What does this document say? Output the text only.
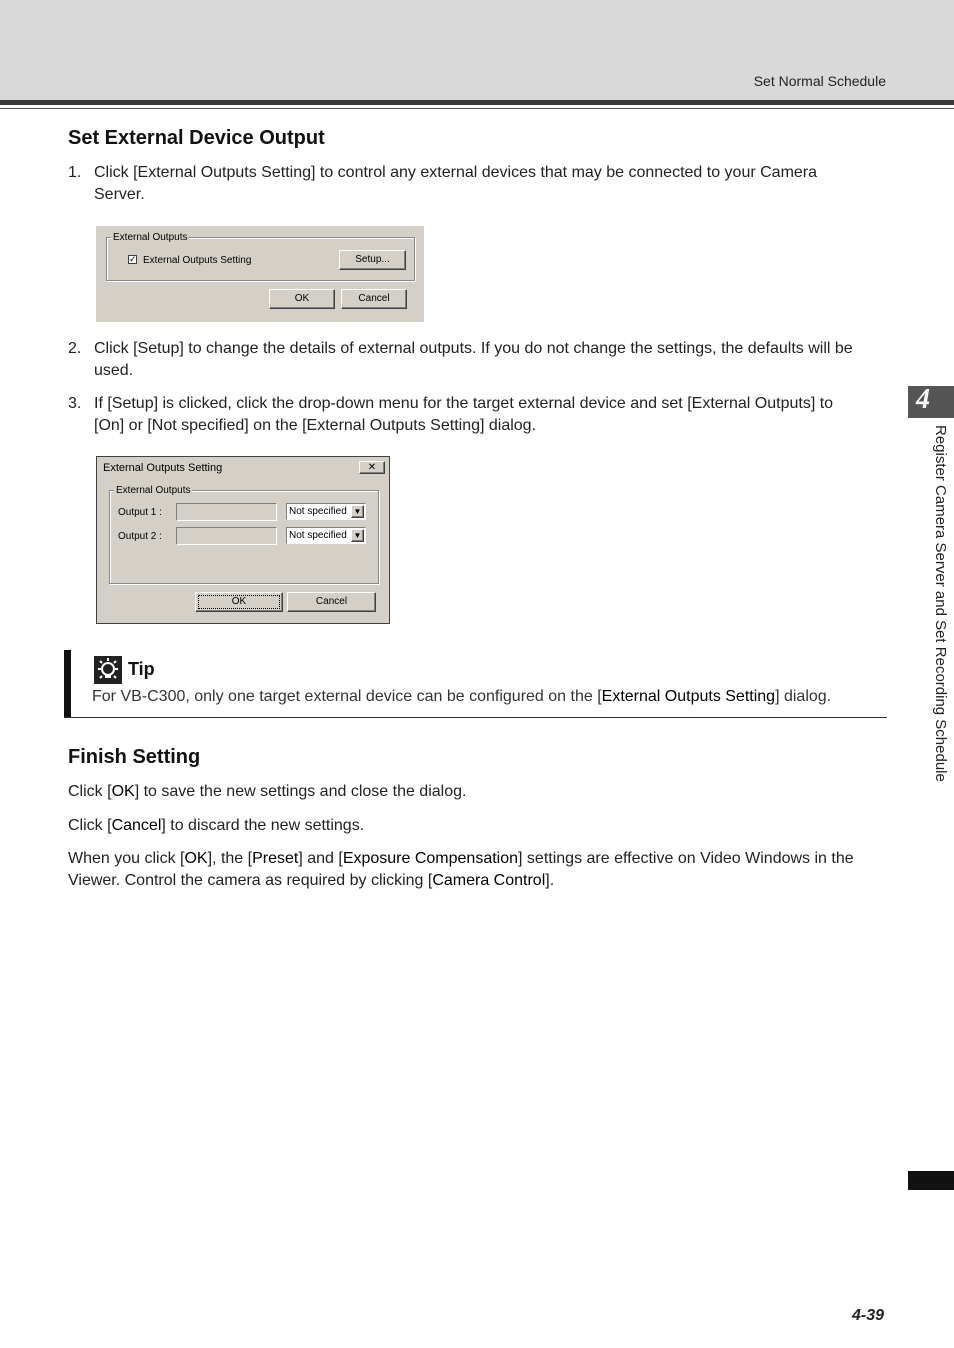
Set Normal Schedule
Set External Device Output
1. Click [External Outputs Setting] to control any external devices that may be connected to your Camera
Server.
External Outputs
✓ External Outputs Setting	Setup...
OK	Cancel
2. Click [Setup] to change the details of external outputs. If you do not change the settings, the defaults will be
used.
3. If [Setup] is clicked, click the drop-down menu for the target external device and set [External Outputs] to
[On] or [Not specified] on the [External Outputs Setting] dialog.
External Outputs Setting	✕
External Outputs
Output 1 :	Not specified ▼
Output 2 :	Not specified ▼
OK	Cancel
Tip
For VB-C300, only one target external device can be configured on the [External Outputs Setting] dialog.
Finish Setting
Click [OK] to save the new settings and close the dialog.
Click [Cancel] to discard the new settings.
When you click [OK], the [Preset] and [Exposure Compensation] settings are effective on Video Windows in the
Viewer. Control the camera as required by clicking [Camera Control].
4
Register Camera Server and Set Recording Schedule
4-39
